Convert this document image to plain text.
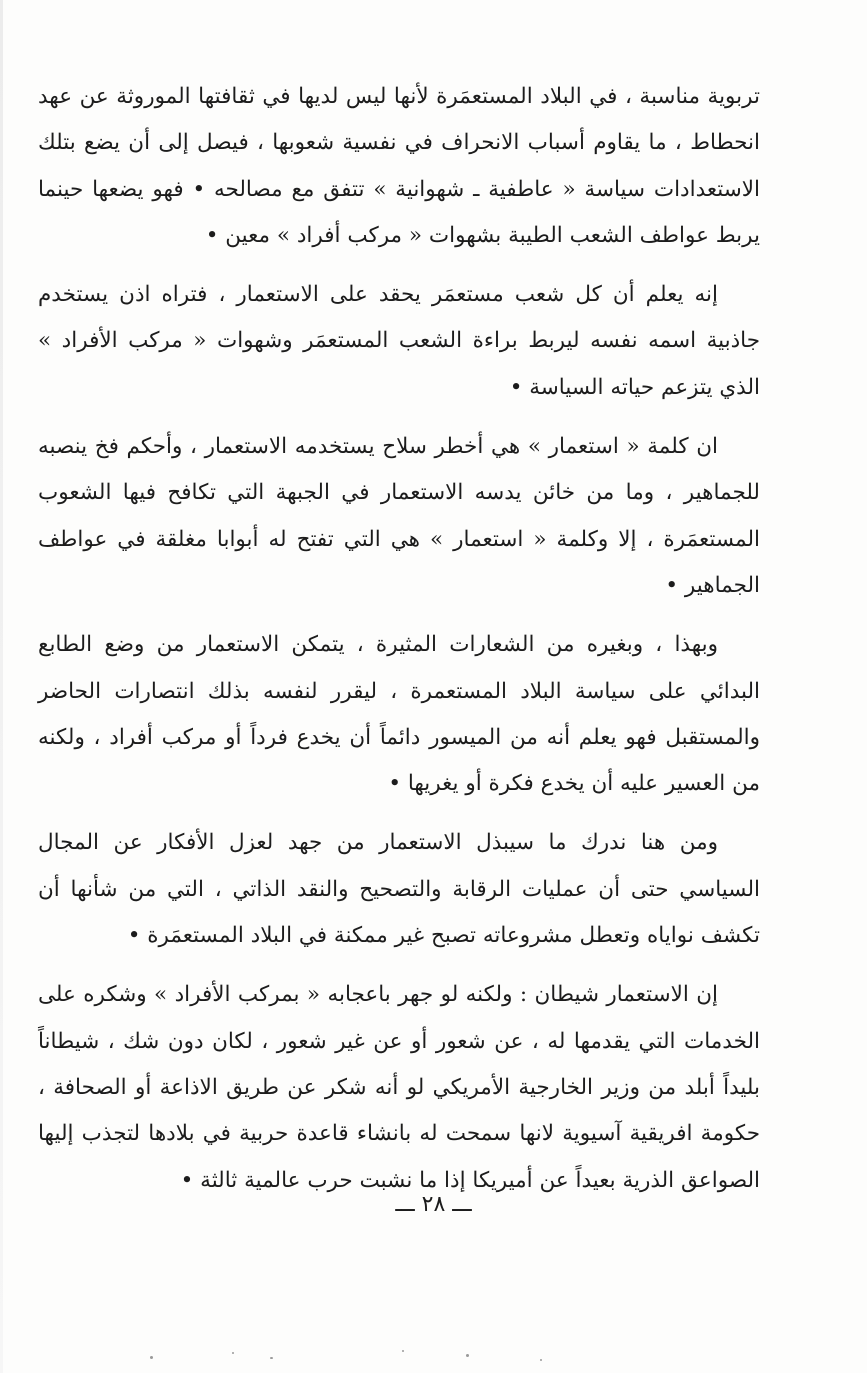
تربوية مناسبة ، في البلاد المستعمَرة لأنها ليس لديها في ثقافتها الموروثة عن عهد انحطاط ، ما يقاوم أسباب الانحراف في نفسية شعوبها ، فيصل إلى أن يضع بتلك الاستعدادات سياسة « عاطفية ـ شهوانية » تتفق مع مصالحه • فهو يضعها حينما يربط عواطف الشعب الطيبة بشهوات « مركب أفراد » معين •

إنه يعلم أن كل شعب مستعمَر يحقد على الاستعمار ، فتراه اذن يستخدم جاذبية اسمه نفسه ليربط براءة الشعب المستعمَر وشهوات « مركب الأفراد » الذي يتزعم حياته السياسة •

ان كلمة « استعمار » هي أخطر سلاح يستخدمه الاستعمار ، وأحكم فخ ينصبه للجماهير ، وما من خائن يدسه الاستعمار في الجبهة التي تكافح فيها الشعوب المستعمَرة ، إلا وكلمة « استعمار » هي التي تفتح له أبوابا مغلقة في عواطف الجماهير •

وبهذا ، وبغيره من الشعارات المثيرة ، يتمكن الاستعمار من وضع الطابع البدائي على سياسة البلاد المستعمرة ، ليقرر لنفسه بذلك انتصارات الحاضر والمستقبل فهو يعلم أنه من الميسور دائماً أن يخدع فرداً أو مركب أفراد ، ولكنه من العسير عليه أن يخدع فكرة أو يغريها •

ومن هنا ندرك ما سيبذل الاستعمار من جهد لعزل الأفكار عن المجال السياسي حتى أن عمليات الرقابة والتصحيح والنقد الذاتي ، التي من شأنها أن تكشف نواياه وتعطل مشروعاته تصبح غير ممكنة في البلاد المستعمَرة •

إن الاستعمار شيطان : ولكنه لو جهر باعجابه « بمركب الأفراد » وشكره على الخدمات التي يقدمها له ، عن شعور أو عن غير شعور ، لكان دون شك ، شيطاناً بليداً أبلد من وزير الخارجية الأمريكي لو أنه شكر عن طريق الاذاعة أو الصحافة ، حكومة افريقية آسيوية لانها سمحت له بانشاء قاعدة حربية في بلادها لتجذب إليها الصواعق الذرية بعيداً عن أميريكا إذا ما نشبت حرب عالمية ثالثة •

ـــ ٢٨ ـــ
